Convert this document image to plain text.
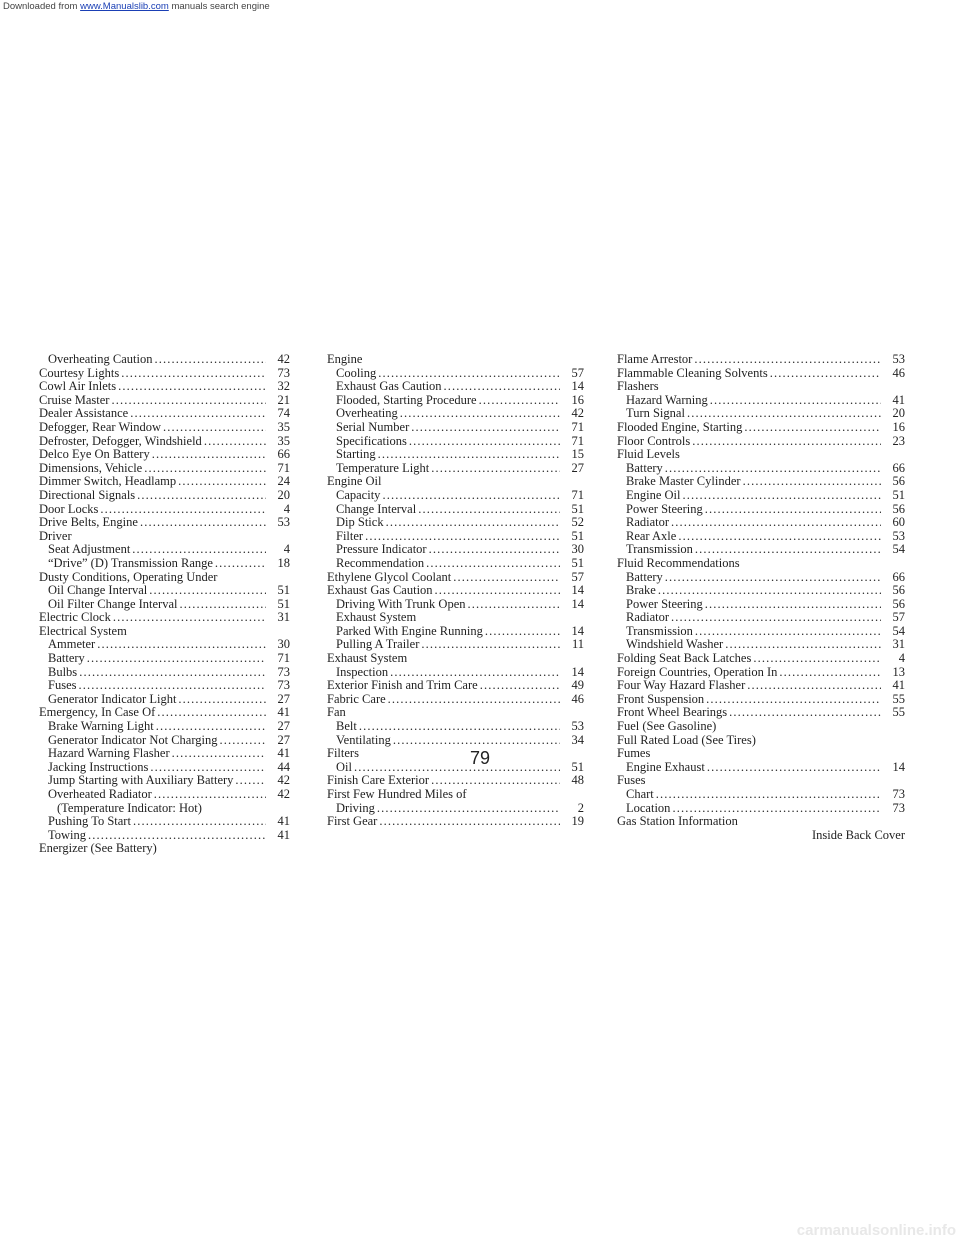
Downloaded from www.Manualslib.com manuals search engine
Overheating Caution . . .	42
Courtesy Lights . . .	73
Cowl Air Inlets . . .	32
Cruise Master . . .	21
Dealer Assistance . . .	74
Defogger, Rear Window . . .	35
Defroster, Defogger, Windshield . . .	35
Delco Eye On Battery . . .	66
Dimensions, Vehicle . . .	71
Dimmer Switch, Headlamp . . .	24
Directional Signals . . .	20
Door Locks . . .	4
Drive Belts, Engine . . .	53
Driver
Seat Adjustment . . .	4
“Drive” (D) Transmission Range . . .	18
Dusty Conditions, Operating Under
Oil Change Interval . . .	51
Oil Filter Change Interval . . .	51
Electric Clock . . .	31
Electrical System
Ammeter . . .	30
Battery . . .	71
Bulbs . . .	73
Fuses . . .	73
Generator Indicator Light . . .	27
Emergency, In Case Of . . .	41
Brake Warning Light . . .	27
Generator Indicator Not Charging . . .	27
Hazard Warning Flasher . . .	41
Jacking Instructions . . .	44
Jump Starting with Auxiliary Battery . . .	42
Overheated Radiator . . .	42
(Temperature Indicator: Hot)
Pushing To Start . . .	41
Towing . . .	41
Energizer (See Battery)
Engine
Cooling . . .	57
Exhaust Gas Caution . . .	14
Flooded, Starting Procedure . . .	16
Overheating . . .	42
Serial Number . . .	71
Specifications . . .	71
Starting . . .	15
Temperature Light . . .	27
Engine Oil
Capacity . . .	71
Change Interval . . .	51
Dip Stick . . .	52
Filter . . .	51
Pressure Indicator . . .	30
Recommendation . . .	51
Ethylene Glycol Coolant . . .	57
Exhaust Gas Caution . . .	14
Driving With Trunk Open . . .	14
Exhaust System
Parked With Engine Running . . .	14
Pulling A Trailer . . .	11
Exhaust System
Inspection . . .	14
Exterior Finish and Trim Care . . .	49
Fabric Care . . .	46
Fan
Belt . . .	53
Ventilating . . .	34
Filters
Oil . . .	51
Finish Care Exterior . . .	48
First Few Hundred Miles of
Driving . . .	2
First Gear . . .	19
Flame Arrestor . . .	53
Flammable Cleaning Solvents . . .	46
Flashers
Hazard Warning . . .	41
Turn Signal . . .	20
Flooded Engine, Starting . . .	16
Floor Controls . . .	23
Fluid Levels
Battery . . .	66
Brake Master Cylinder . . .	56
Engine Oil . . .	51
Power Steering . . .	56
Radiator . . .	60
Rear Axle . . .	53
Transmission . . .	54
Fluid Recommendations
Battery . . .	66
Brake . . .	56
Power Steering . . .	56
Radiator . . .	57
Transmission . . .	54
Windshield Washer . . .	31
Folding Seat Back Latches . . .	4
Foreign Countries, Operation In . . .	13
Four Way Hazard Flasher . . .	41
Front Suspension . . .	55
Front Wheel Bearings . . .	55
Fuel (See Gasoline)
Full Rated Load (See Tires)
Fumes
Engine Exhaust . . .	14
Fuses
Chart . . .	73
Location . . .	73
Gas Station Information
Inside Back Cover
79
carmanualsonline.info
